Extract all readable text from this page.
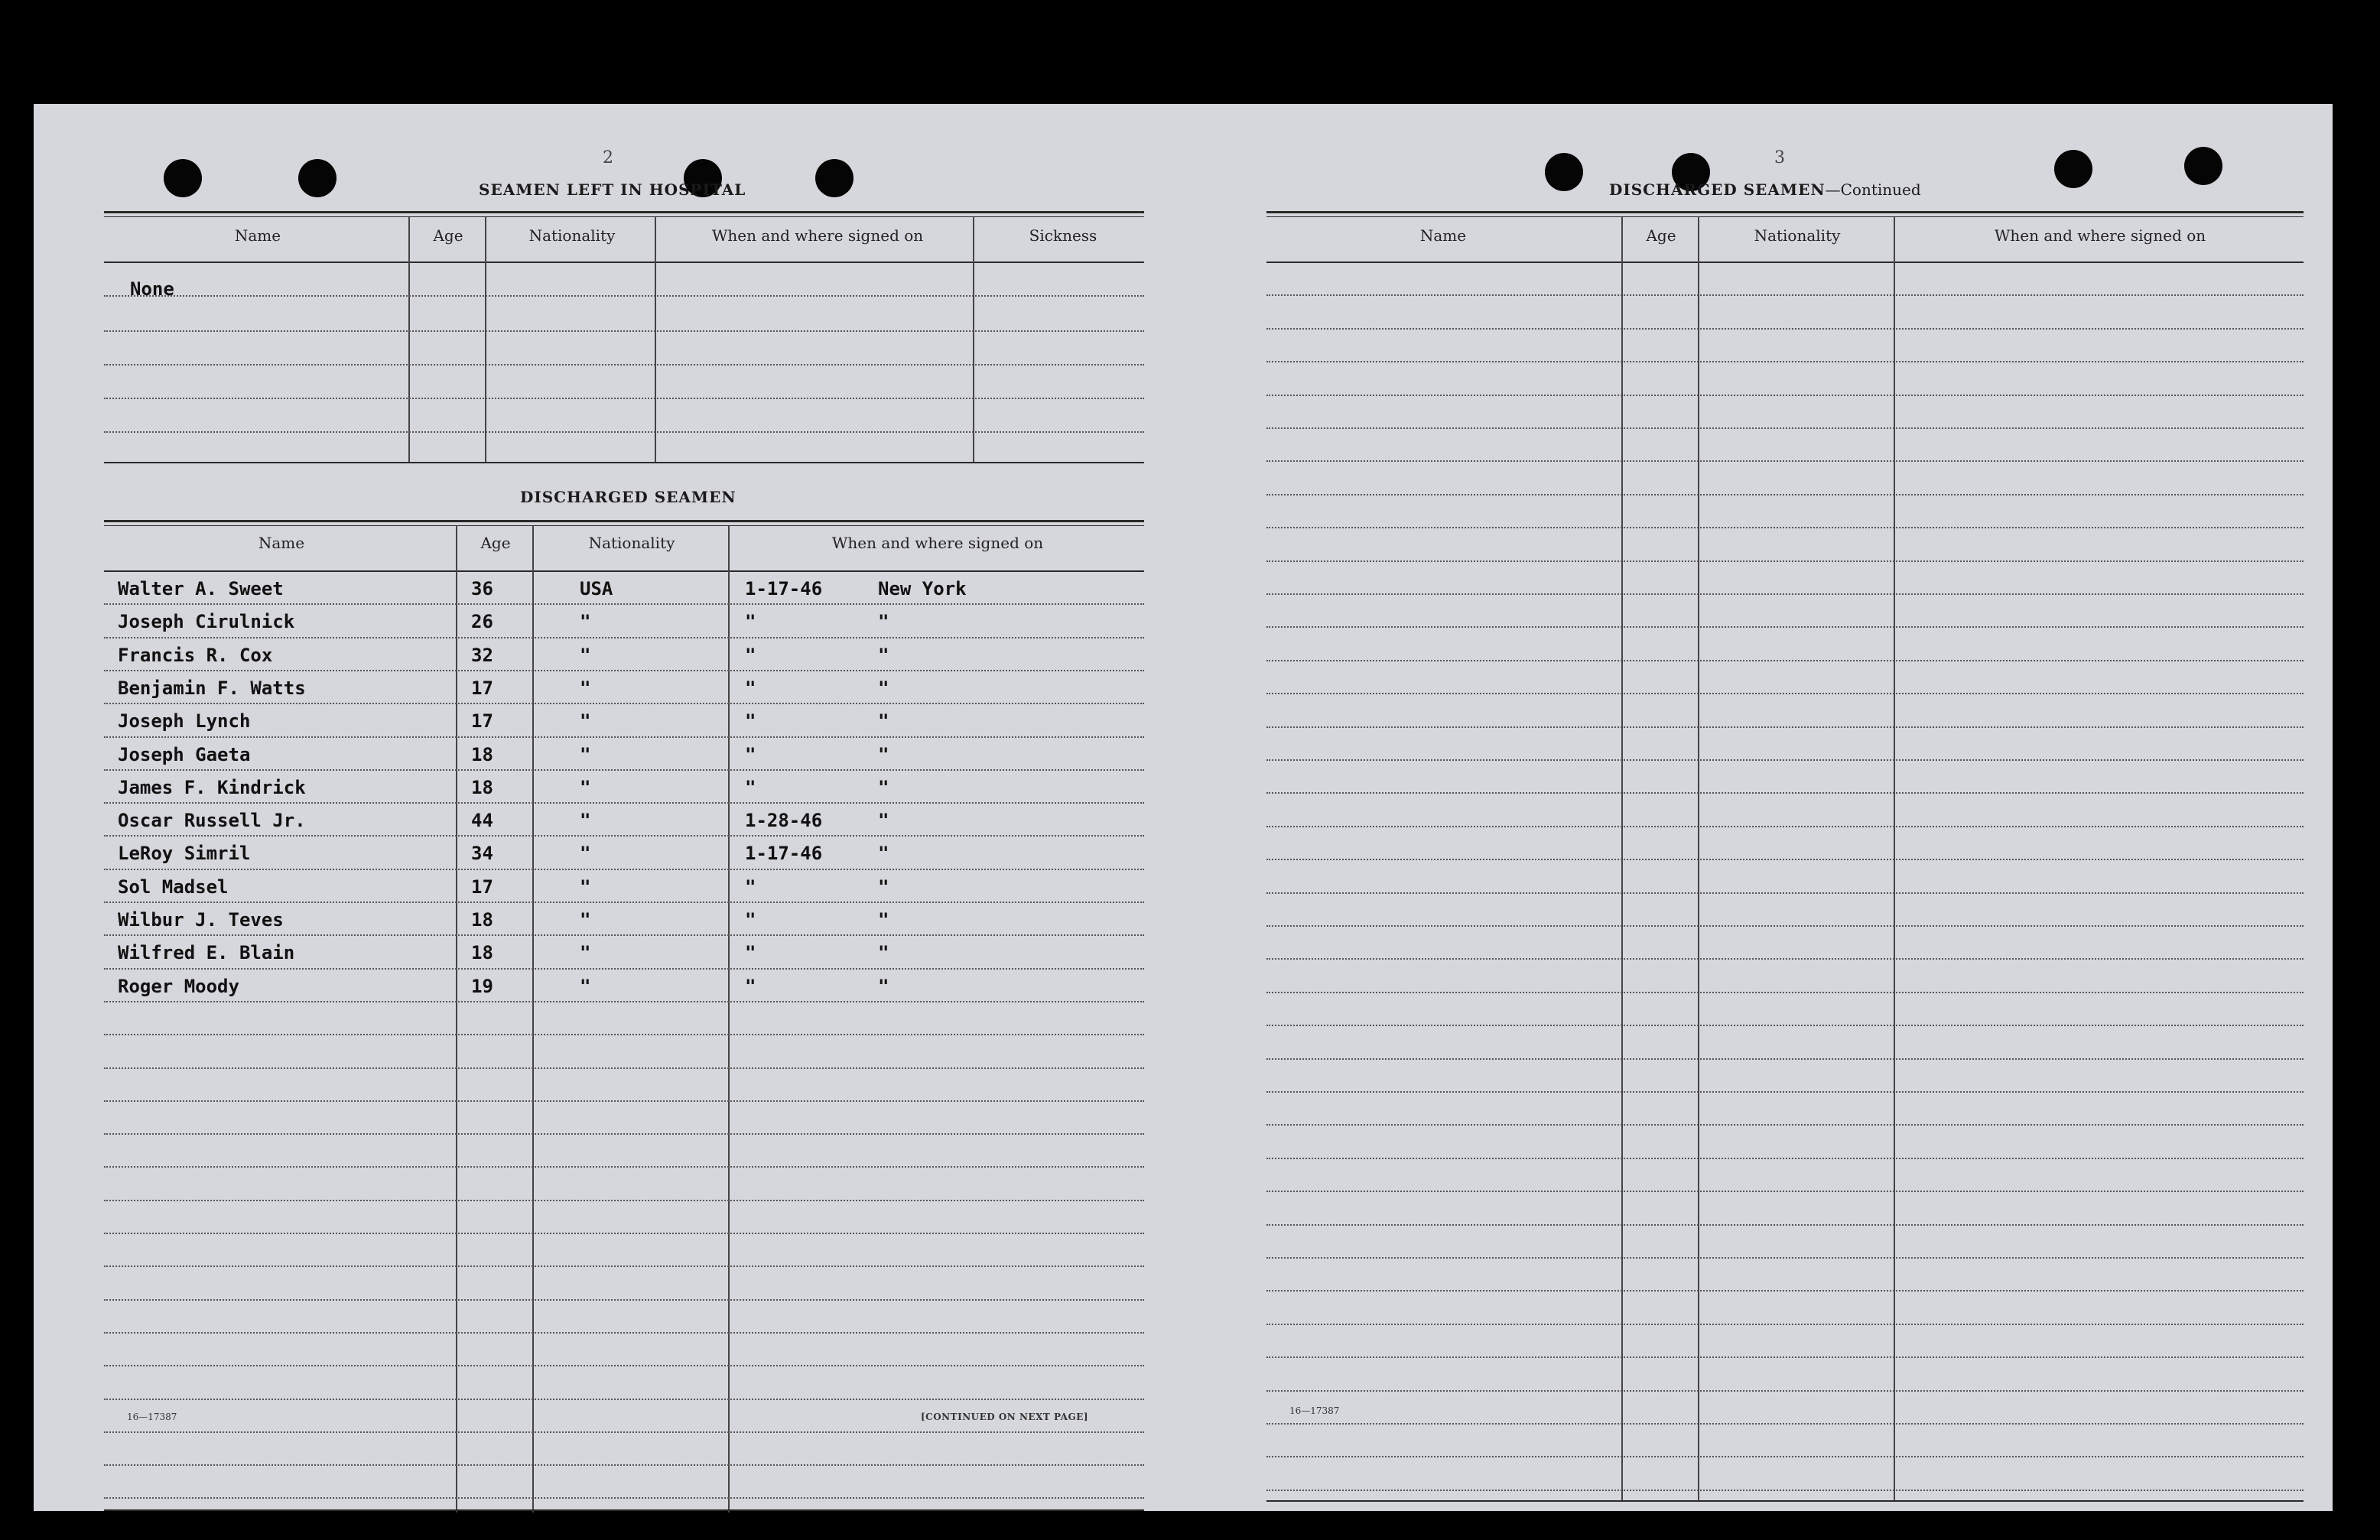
2
SEAMEN LEFT IN HOSPITAL
Name	Age	Nationality	When and where signed on	Sickness
None
DISCHARGED SEAMEN
Name	Age	Nationality	When and where signed on
Walter A. Sweet	36	USA	1-17-46	New York
Joseph Cirulnick	26	"	"	"
Francis R. Cox	32	"	"	"
Benjamin F. Watts	17	"	"	"
Joseph Lynch	17	"	"	"
Joseph Gaeta	18	"	"	"
James F. Kindrick	18	"	"	"
Oscar Russell Jr.	44	"	1-28-46	"
LeRoy Simril	34	"	1-17-46	"
Sol Madsel	17	"	"	"
Wilbur J. Teves	18	"	"	"
Wilfred E. Blain	18	"	"	"
Roger Moody	19	"	"	"
16—17387	[CONTINUED ON NEXT PAGE]
3
DISCHARGED SEAMEN—Continued
Name	Age	Nationality	When and where signed on
16—17387
